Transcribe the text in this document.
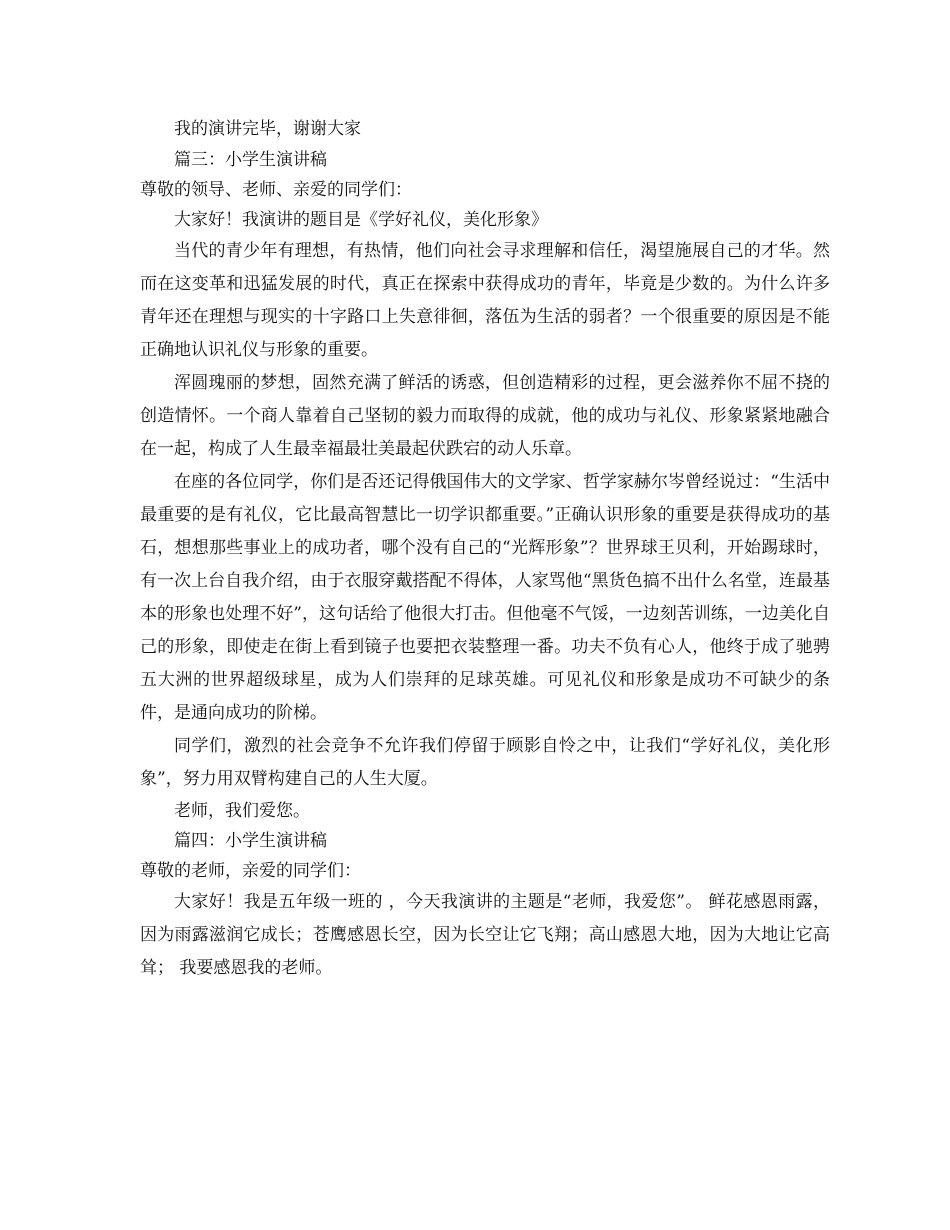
我的演讲完毕，谢谢大家
篇三：小学生演讲稿
尊敬的领导、老师、亲爱的同学们：
大家好！我演讲的题目是《学好礼仪，美化形象》

当代的青少年有理想，有热情，他们向社会寻求理解和信任，渴望施展自己的才华。然而在这变革和迅猛发展的时代，真正在探索中获得成功的青年，毕竟是少数的。为什么许多青年还在理想与现实的十字路口上失意徘徊，落伍为生活的弱者？一个很重要的原因是不能正确地认识礼仪与形象的重要。

浑圆瑰丽的梦想，固然充满了鲜活的诱惑，但创造精彩的过程，更会滋养你不屈不挠的创造情怀。一个商人靠着自己坚韧的毅力而取得的成就，他的成功与礼仪、形象紧紧地融合在一起，构成了人生最幸福最壮美最起伏跌宕的动人乐章。

在座的各位同学，你们是否还记得俄国伟大的文学家、哲学家赫尔岑曾经说过：“生活中最重要的是有礼仪，它比最高智慧比一切学识都重要。”正确认识形象的重要是获得成功的基石，想想那些事业上的成功者，哪个没有自己的“光辉形象”？世界球王贝利，开始踢球时，有一次上台自我介绍，由于衣服穿戴搭配不得体，人家骂他“黑货色搞不出什么名堂，连最基本的形象也处理不好”，这句话给了他很大打击。但他毫不气馁，一边刻苦训练，一边美化自己的形象，即使走在街上看到镜子也要把衣装整理一番。功夫不负有心人，他终于成了驰骋五大洲的世界超级球星，成为人们崇拜的足球英雄。可见礼仪和形象是成功不可缺少的条件，是通向成功的阶梯。

同学们，激烈的社会竞争不允许我们停留于顾影自怜之中，让我们“学好礼仪，美化形象”，努力用双臂构建自己的人生大厦。

老师，我们爱您。
篇四：小学生演讲稿
尊敬的老师，亲爱的同学们：

大家好！我是五年级一班的 ，今天我演讲的主题是“老师，我爱您”。 鲜花感恩雨露，因为雨露滋润它成长；苍鹰感恩长空，因为长空让它飞翔；高山感恩大地，因为大地让它高耸； 我要感恩我的老师。
